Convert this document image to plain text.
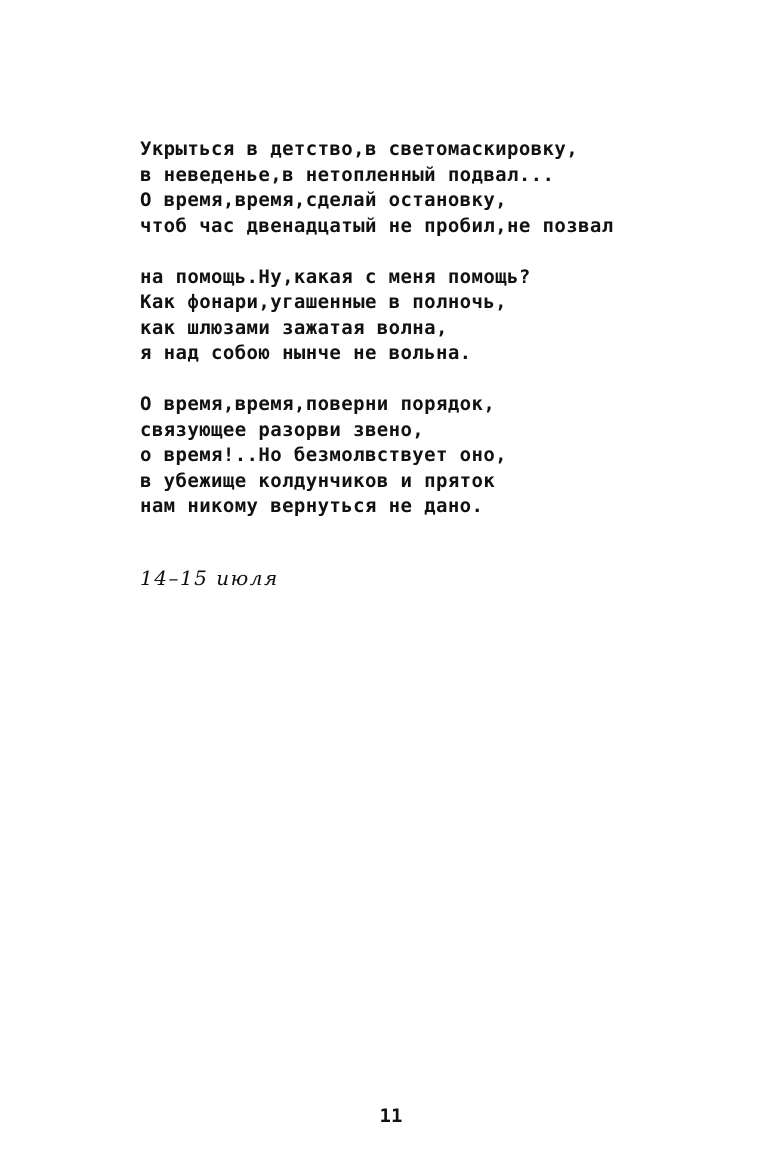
Укрыться в детство,в светомаскировку,
в неведенье,в нетопленный подвал...
О время,время,сделай остановку,
чтоб час двенадцатый не пробил,не позвал
на помощь.Ну,какая с меня помощь?
Как фонари,угашенные в полночь,
как шлюзами зажатая волна,
я над собою нынче не вольна.
О время,время,поверни порядок,
связующее разорви звено,
о время!..Но безмолвствует оно,
в убежище колдунчиков и пряток
нам никому вернуться не дано.
14–15 июля
11
